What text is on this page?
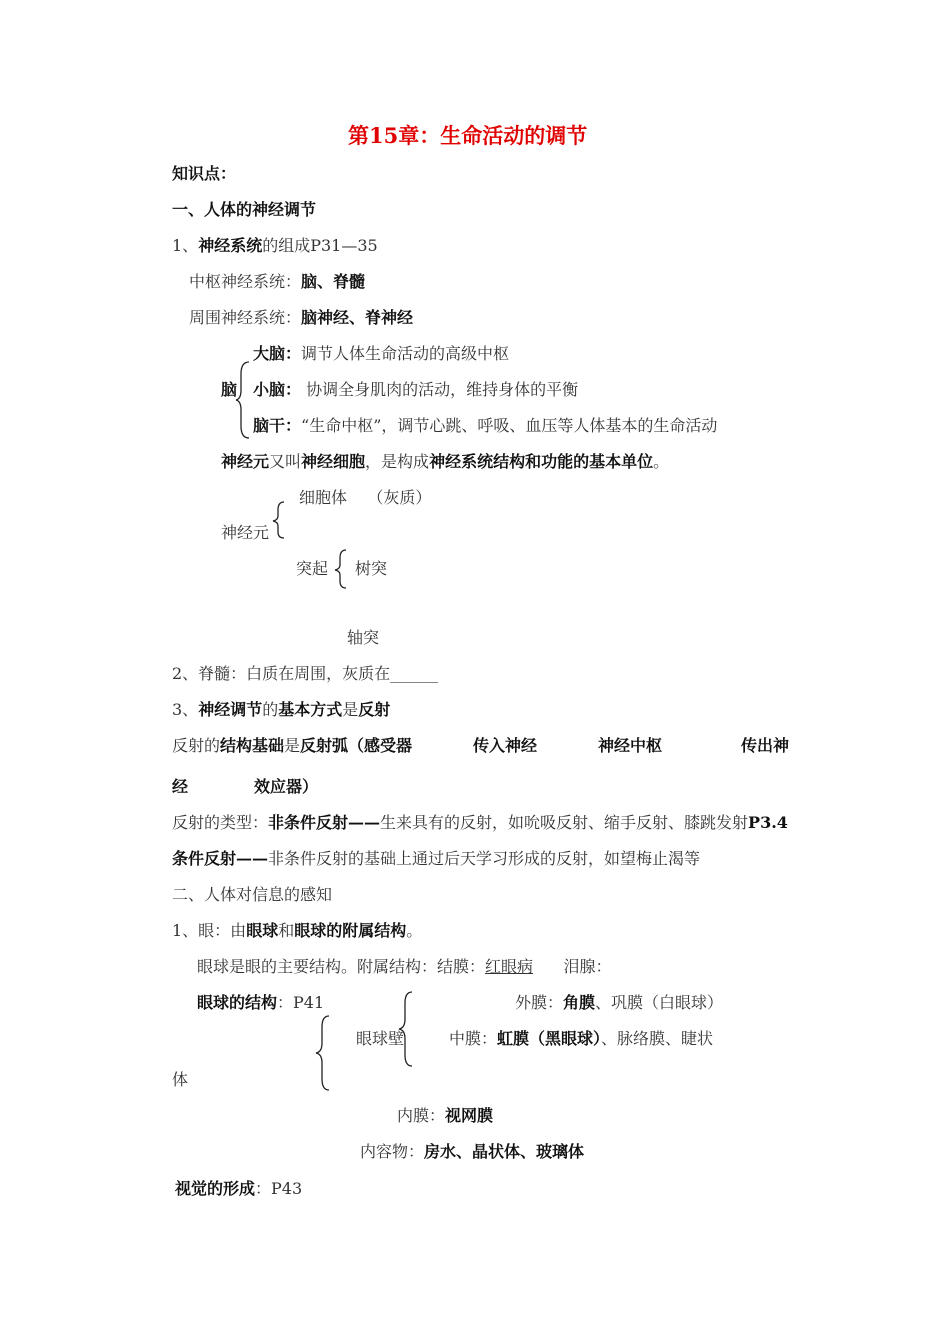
第15章：生命活动的调节
知识点：
一、人体的神经调节
1、神经系统的组成P31—35
中枢神经系统：脑、脊髓
周围神经系统：脑神经、脊神经
脑
大脑：调节人体生命活动的高级中枢
小脑： 协调全身肌肉的活动，维持身体的平衡
脑干：“生命中枢”，调节心跳、呼吸、血压等人体基本的生命活动
神经元又叫神经细胞，是构成神经系统结构和功能的基本单位。
细胞体 （灰质）
神经元
突起 树突
轴突
2、脊髓：白质在周围，灰质在______
3、神经调节的基本方式是反射
反射的结构基础是反射弧（感受器	传入神经	神经中枢	传出神
经	效应器）
反射的类型：非条件反射——生来具有的反射，如吮吸反射、缩手反射、膝跳发射P3.4
条件反射——非条件反射的基础上通过后天学习形成的反射，如望梅止渴等
二、人体对信息的感知
1、眼：由眼球和眼球的附属结构。
眼球是眼的主要结构。附属结构：结膜：红眼病 泪腺：
眼球的结构：P41
眼球壁
外膜：角膜、巩膜（白眼球）
中膜：虹膜（黑眼球）、脉络膜、睫状
体
内膜：视网膜
内容物：房水、晶状体、玻璃体
视觉的形成：P43
